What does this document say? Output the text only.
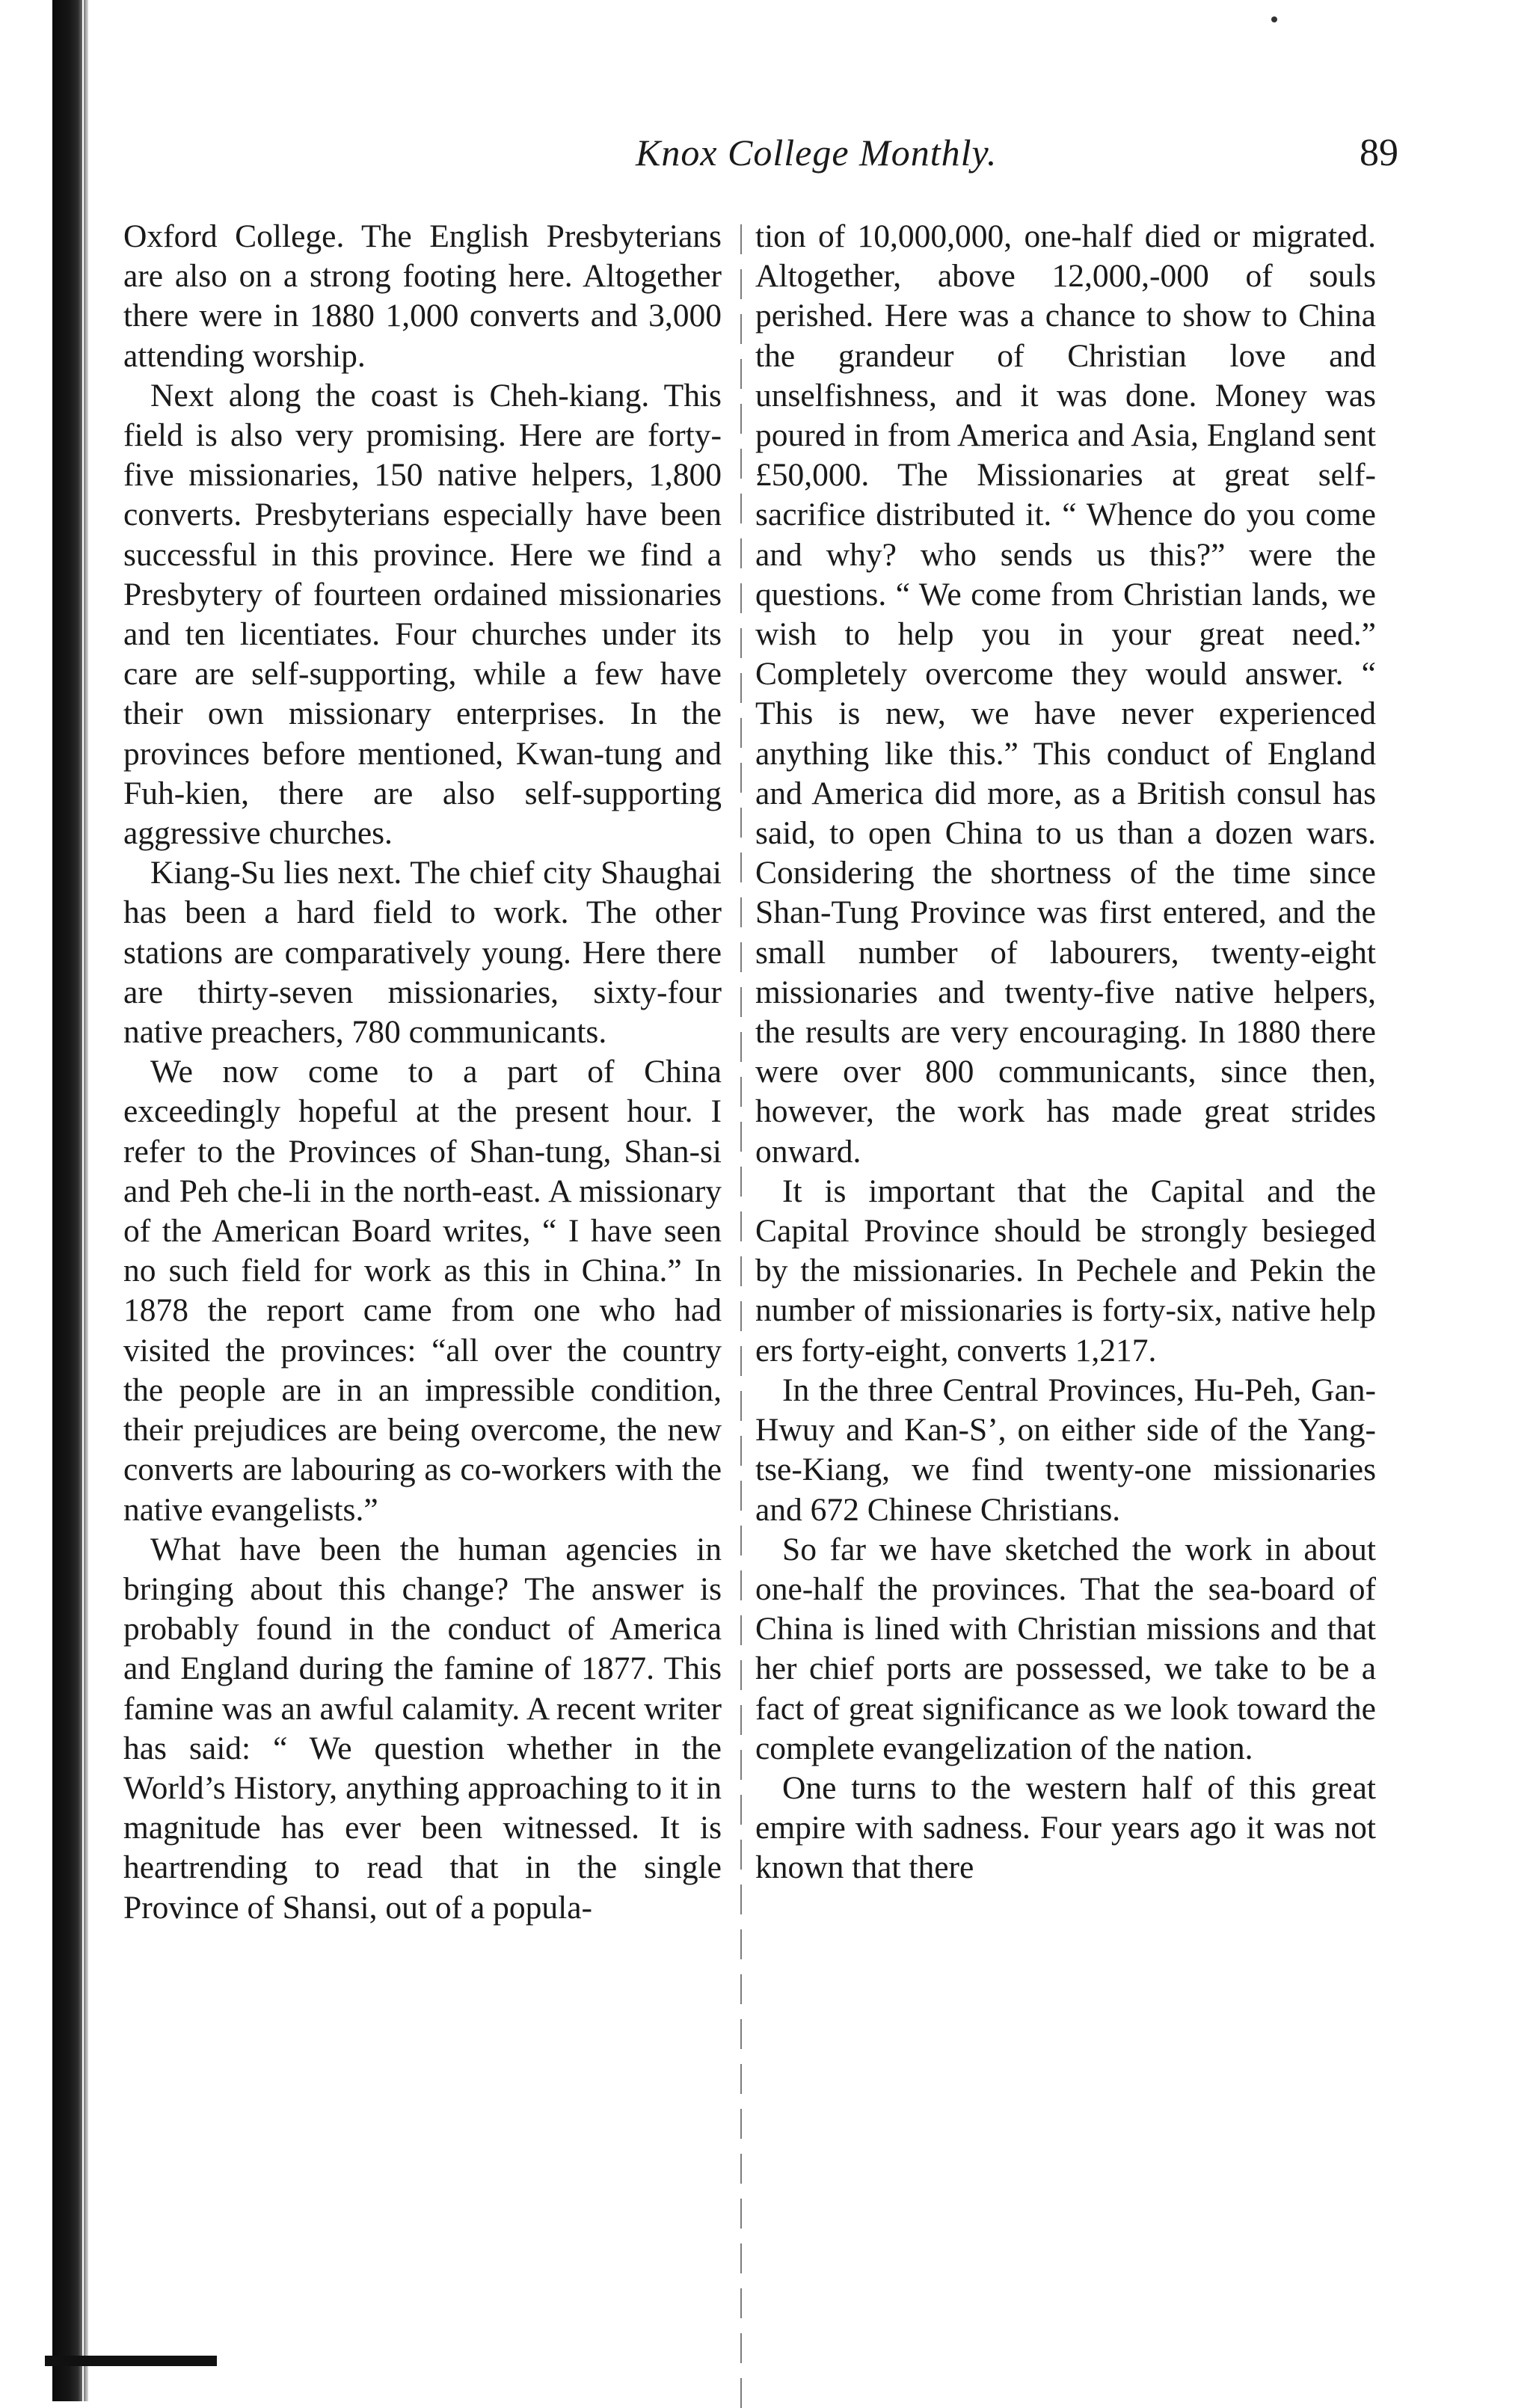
Knox College Monthly.	89

Oxford College. The English Presbyterians are also on a strong footing here. Altogether there were in 1880 1,000 converts and 3,000 attending worship.

Next along the coast is Cheh-kiang. This field is also very promising. Here are forty-five missionaries, 150 native helpers, 1,800 converts. Presbyterians especially have been successful in this province. Here we find a Presbytery of fourteen ordained missionaries and ten licentiates. Four churches under its care are self-supporting, while a few have their own missionary enterprises. In the provinces before mentioned, Kwan-tung and Fuh-kien, there are also self-supporting aggressive churches.

Kiang-Su lies next. The chief city Shaughai has been a hard field to work. The other stations are comparatively young. Here there are thirty-seven missionaries, sixty-four native preachers, 780 communicants.

We now come to a part of China exceedingly hopeful at the present hour. I refer to the Provinces of Shan-tung, Shan-si and Peh che-li in the north-east. A missionary of the American Board writes, “ I have seen no such field for work as this in China.” In 1878 the report came from one who had visited the provinces: “all over the country the people are in an impressible condition, their prejudices are being overcome, the new converts are labouring as co-workers with the native evangelists.”

What have been the human agencies in bringing about this change? The answer is probably found in the conduct of America and England during the famine of 1877. This famine was an awful calamity. A recent writer has said: “ We question whether in the World’s History, anything approaching to it in magnitude has ever been witnessed. It is heartrending to read that in the single Province of Shansi, out of a popula-

tion of 10,000,000, one-half died or migrated. Altogether, above 12,000,-000 of souls perished. Here was a chance to show to China the grandeur of Christian love and unselfishness, and it was done. Money was poured in from America and Asia, England sent £50,000. The Missionaries at great self-sacrifice distributed it. “ Whence do you come and why? who sends us this?” were the questions. “ We come from Christian lands, we wish to help you in your great need.” Completely overcome they would answer. “ This is new, we have never experienced anything like this.” This conduct of England and America did more, as a British consul has said, to open China to us than a dozen wars. Considering the shortness of the time since Shan-Tung Province was first entered, and the small number of labourers, twenty-eight missionaries and twenty-five native helpers, the results are very encouraging. In 1880 there were over 800 communicants, since then, however, the work has made great strides onward.

It is important that the Capital and the Capital Province should be strongly besieged by the missionaries. In Pechele and Pekin the number of missionaries is forty-six, native help ers forty-eight, converts 1,217.

In the three Central Provinces, Hu-Peh, Gan-Hwuy and Kan-Sʼ, on either side of the Yang-tse-Kiang, we find twenty-one missionaries and 672 Chinese Christians.

So far we have sketched the work in about one-half the provinces. That the sea-board of China is lined with Christian missions and that her chief ports are possessed, we take to be a fact of great significance as we look toward the complete evangelization of the nation.

One turns to the western half of this great empire with sadness. Four years ago it was not known that there
